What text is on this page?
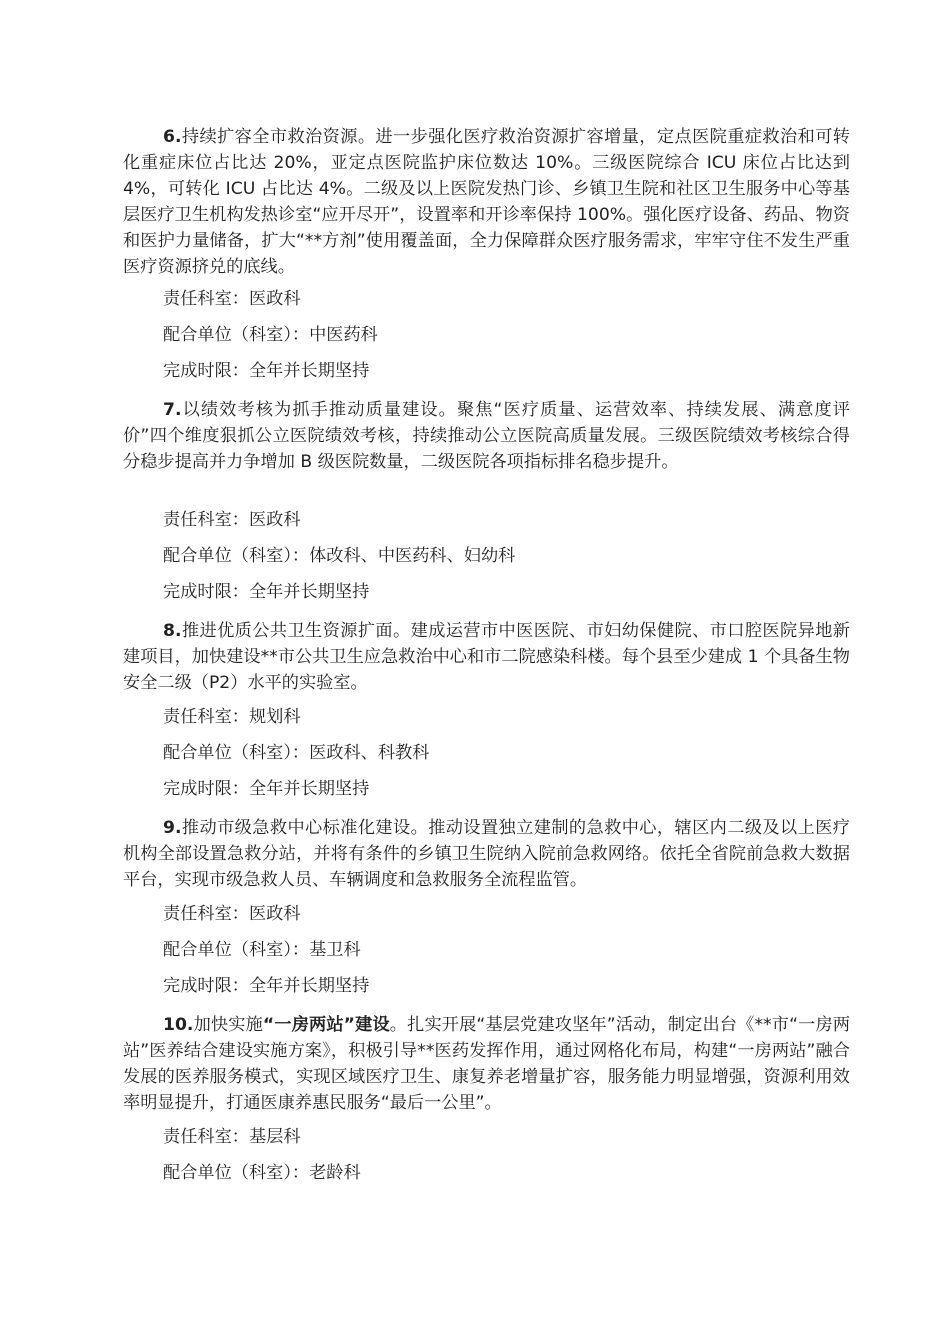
6.持续扩容全市救治资源。进一步强化医疗救治资源扩容增量，定点医院重症救治和可转化重症床位占比达 20%，亚定点医院监护床位数达 10%。三级医院综合 ICU 床位占比达到 4%，可转化 ICU 占比达 4%。二级及以上医院发热门诊、乡镇卫生院和社区卫生服务中心等基层医疗卫生机构发热诊室“应开尽开”，设置率和开诊率保持 100%。强化医疗设备、药品、物资和医护力量储备，扩大“**方剂”使用覆盖面，全力保障群众医疗服务需求，牢牢守住不发生严重医疗资源挤兑的底线。

责任科室：医政科

配合单位（科室）：中医药科

完成时限：全年并长期坚持

7.以绩效考核为抓手推动质量建设。聚焦“医疗质量、运营效率、持续发展、满意度评价”四个维度狠抓公立医院绩效考核，持续推动公立医院高质量发展。三级医院绩效考核综合得分稳步提高并力争增加 B 级医院数量，二级医院各项指标排名稳步提升。

责任科室：医政科

配合单位（科室）：体改科、中医药科、妇幼科

完成时限：全年并长期坚持

8.推进优质公共卫生资源扩面。建成运营市中医医院、市妇幼保健院、市口腔医院异地新建项目，加快建设**市公共卫生应急救治中心和市二院感染科楼。每个县至少建成 1 个具备生物安全二级（P2）水平的实验室。

责任科室：规划科

配合单位（科室）：医政科、科教科

完成时限：全年并长期坚持

9.推动市级急救中心标准化建设。推动设置独立建制的急救中心，辖区内二级及以上医疗机构全部设置急救分站，并将有条件的乡镇卫生院纳入院前急救网络。依托全省院前急救大数据平台，实现市级急救人员、车辆调度和急救服务全流程监管。

责任科室：医政科

配合单位（科室）：基卫科

完成时限：全年并长期坚持

10.加快实施“一房两站”建设。扎实开展“基层党建攻坚年”活动，制定出台《**市“一房两站”医养结合建设实施方案》，积极引导**医药发挥作用，通过网格化布局，构建“一房两站”融合发展的医养服务模式，实现区域医疗卫生、康复养老增量扩容，服务能力明显增强，资源利用效率明显提升，打通医康养惠民服务“最后一公里”。

责任科室：基层科

配合单位（科室）：老龄科
